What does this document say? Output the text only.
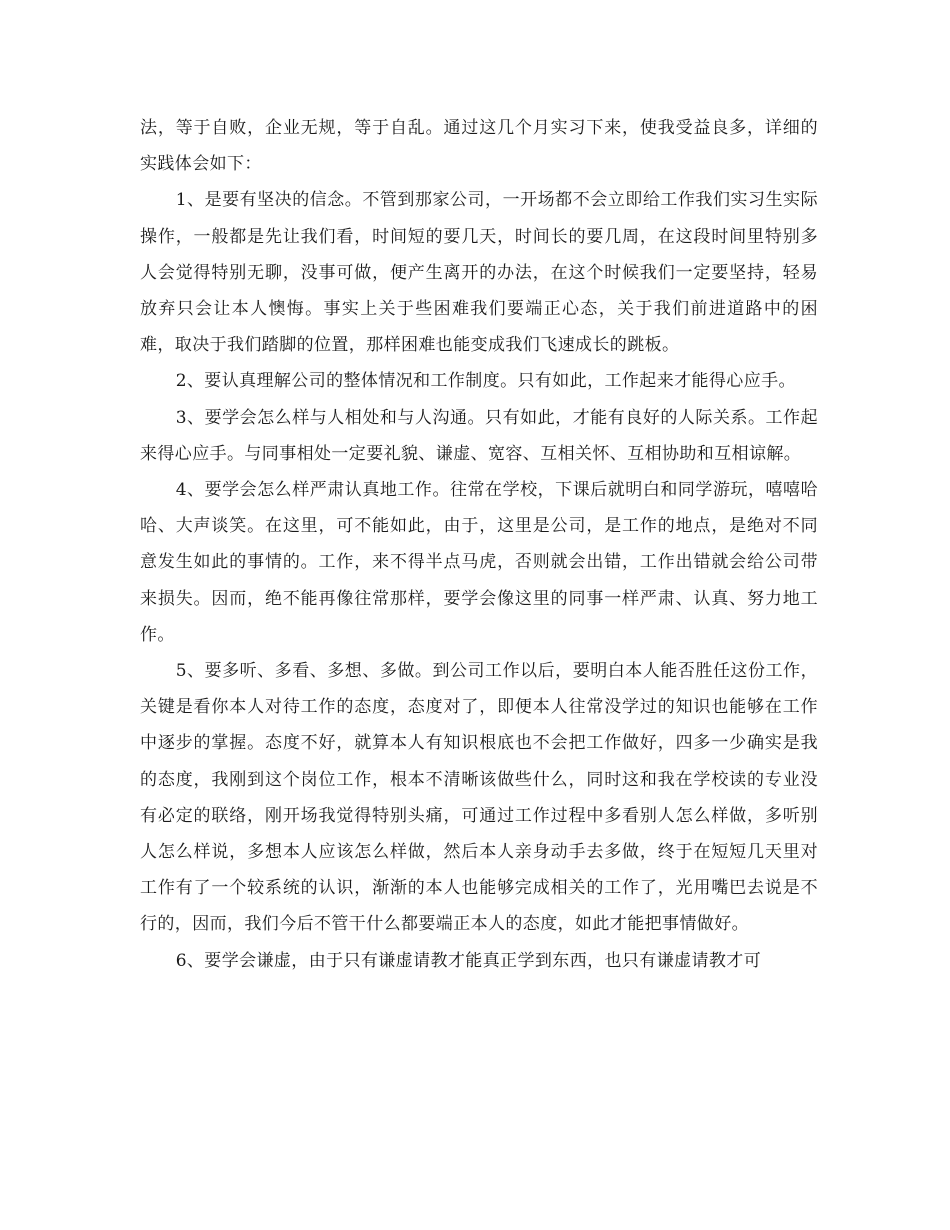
法，等于自败，企业无规，等于自乱。通过这几个月实习下来，使我受益良多，详细的实践体会如下：

1、是要有坚决的信念。不管到那家公司，一开场都不会立即给工作我们实习生实际操作，一般都是先让我们看，时间短的要几天，时间长的要几周，在这段时间里特别多人会觉得特别无聊，没事可做，便产生离开的办法，在这个时候我们一定要坚持，轻易放弃只会让本人懊悔。事实上关于些困难我们要端正心态，关于我们前进道路中的困难，取决于我们踏脚的位置，那样困难也能变成我们飞速成长的跳板。

2、要认真理解公司的整体情况和工作制度。只有如此，工作起来才能得心应手。

3、要学会怎么样与人相处和与人沟通。只有如此，才能有良好的人际关系。工作起来得心应手。与同事相处一定要礼貌、谦虚、宽容、互相关怀、互相协助和互相谅解。

4、要学会怎么样严肃认真地工作。往常在学校，下课后就明白和同学游玩，嘻嘻哈哈、大声谈笑。在这里，可不能如此，由于，这里是公司，是工作的地点，是绝对不同意发生如此的事情的。工作，来不得半点马虎，否则就会出错，工作出错就会给公司带来损失。因而，绝不能再像往常那样，要学会像这里的同事一样严肃、认真、努力地工作。

5、要多听、多看、多想、多做。到公司工作以后，要明白本人能否胜任这份工作，关键是看你本人对待工作的态度，态度对了，即便本人往常没学过的知识也能够在工作中逐步的掌握。态度不好，就算本人有知识根底也不会把工作做好，四多一少确实是我的态度，我刚到这个岗位工作，根本不清晰该做些什么，同时这和我在学校读的专业没有必定的联络，刚开场我觉得特别头痛，可通过工作过程中多看别人怎么样做，多听别人怎么样说，多想本人应该怎么样做，然后本人亲身动手去多做，终于在短短几天里对工作有了一个较系统的认识，渐渐的本人也能够完成相关的工作了，光用嘴巴去说是不行的，因而，我们今后不管干什么都要端正本人的态度，如此才能把事情做好。

6、要学会谦虚，由于只有谦虚请教才能真正学到东西，也只有谦虚请教才可
